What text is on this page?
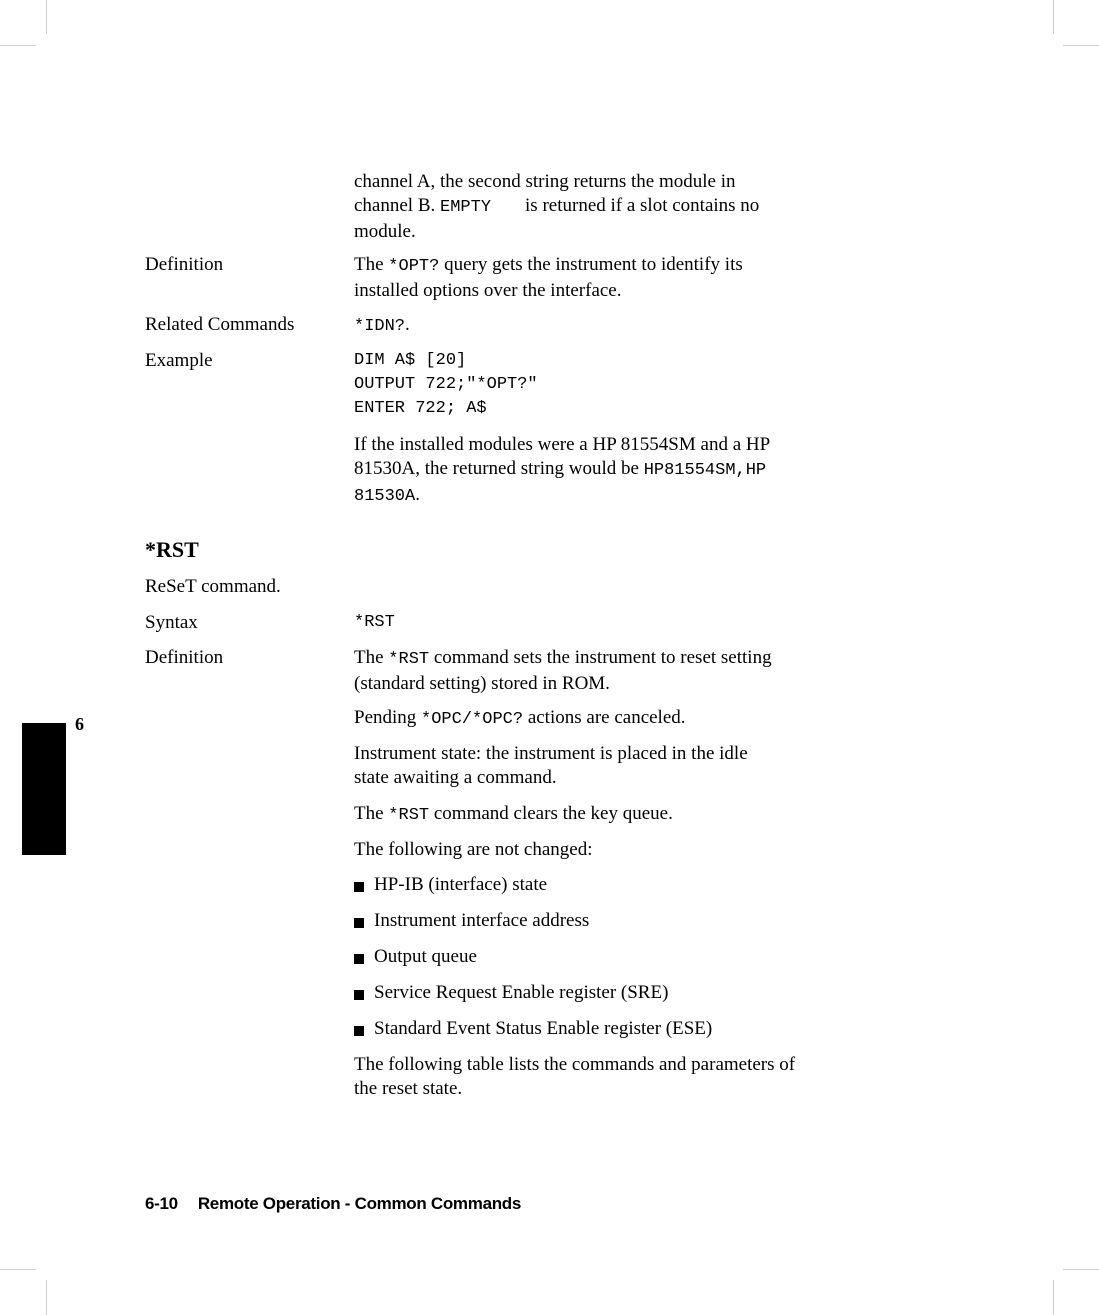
6
channel A, the second string returns the module in
channel B. EMPTY is returned if a slot contains no
module.
Definition	The *OPT? query gets the instrument to identify its
installed options over the interface.
Related Commands	*IDN?.
Example	DIM A$ [20]
OUTPUT 722;"*OPT?"
ENTER 722; A$
If the installed modules were a HP 81554SM and a HP
81530A, the returned string would be HP81554SM,HP
81530A.
*RST
ReSeT command.
Syntax	*RST
Definition	The *RST command sets the instrument to reset setting
(standard setting) stored in ROM.
Pending *OPC/*OPC? actions are canceled.
Instrument state: the instrument is placed in the idle
state awaiting a command.
The *RST command clears the key queue.
The following are not changed:
HP-IB (interface) state
Instrument interface address
Output queue
Service Request Enable register (SRE)
Standard Event Status Enable register (ESE)
The following table lists the commands and parameters of
the reset state.
6-10 Remote Operation - Common Commands
